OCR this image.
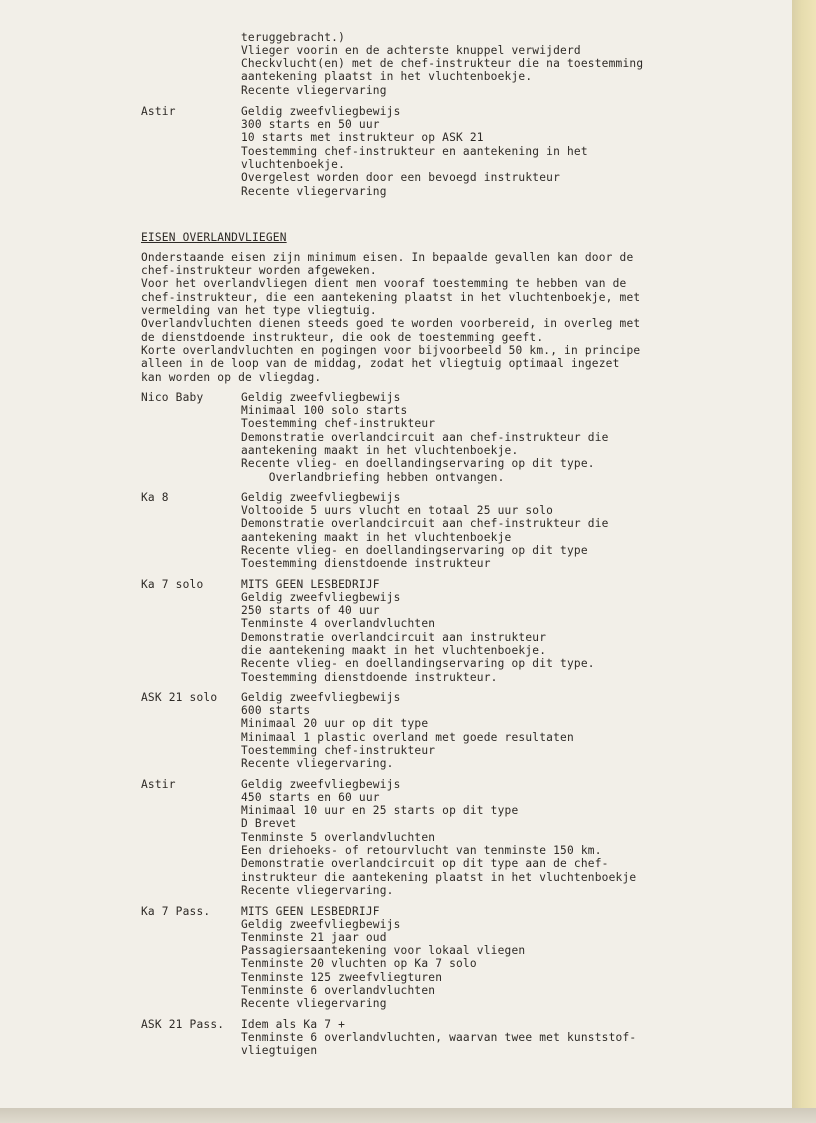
teruggebracht.)
Vlieger voorin en de achterste knuppel verwijderd
Checkvlucht(en) met de chef-instrukteur die na toestemming
aantekening plaatst in het vluchtenboekje.
Recente vliegervaring
Astir	Geldig zweefvliegbewijs
300 starts en 50 uur
10 starts met instrukteur op ASK 21
Toestemming chef-instrukteur en aantekening in het
vluchtenboekje.
Overgelest worden door een bevoegd instrukteur
Recente vliegervaring
EISEN OVERLANDVLIEGEN
Onderstaande eisen zijn minimum eisen. In bepaalde gevallen kan door de
chef-instrukteur worden afgeweken.
Voor het overlandvliegen dient men vooraf toestemming te hebben van de
chef-instrukteur, die een aantekening plaatst in het vluchtenboekje, met
vermelding van het type vliegtuig.
Overlandvluchten dienen steeds goed te worden voorbereid, in overleg met
de dienstdoende instrukteur, die ook de toestemming geeft.
Korte overlandvluchten en pogingen voor bijvoorbeeld 50 km., in principe
alleen in de loop van de middag, zodat het vliegtuig optimaal ingezet
kan worden op de vliegdag.
Nico Baby	Geldig zweefvliegbewijs
Minimaal 100 solo starts
Toestemming chef-instrukteur
Demonstratie overlandcircuit aan chef-instrukteur die
aantekening maakt in het vluchtenboekje.
Recente vlieg- en doellandingservaring op dit type.
Overlandbriefing hebben ontvangen.
Ka 8	Geldig zweefvliegbewijs
Voltooide 5 uurs vlucht en totaal 25 uur solo
Demonstratie overlandcircuit aan chef-instrukteur die
aantekening maakt in het vluchtenboekje
Recente vlieg- en doellandingservaring op dit type
Toestemming dienstdoende instrukteur
Ka 7 solo	MITS GEEN LESBEDRIJF
Geldig zweefvliegbewijs
250 starts of 40 uur
Tenminste 4 overlandvluchten
Demonstratie overlandcircuit aan instrukteur
die aantekening maakt in het vluchtenboekje.
Recente vlieg- en doellandingservaring op dit type.
Toestemming dienstdoende instrukteur.
ASK 21 solo Geldig zweefvliegbewijs
600 starts
Minimaal 20 uur op dit type
Minimaal 1 plastic overland met goede resultaten
Toestemming chef-instrukteur
Recente vliegervaring.
Astir	Geldig zweefvliegbewijs
450 starts en 60 uur
Minimaal 10 uur en 25 starts op dit type
D Brevet
Tenminste 5 overlandvluchten
Een driehoeks- of retourvlucht van tenminste 150 km.
Demonstratie overlandcircuit op dit type aan de chef-
instrukteur die aantekening plaatst in het vluchtenboekje
Recente vliegervaring.
Ka 7 Pass.	MITS GEEN LESBEDRIJF
Geldig zweefvliegbewijs
Tenminste 21 jaar oud
Passagiersaantekening voor lokaal vliegen
Tenminste 20 vluchten op Ka 7 solo
Tenminste 125 zweefvliegturen
Tenminste 6 overlandvluchten
Recente vliegervaring
ASK 21 Pass. Idem als Ka 7 +
Tenminste 6 overlandvluchten, waarvan twee met kunststof-
vliegtuigen
